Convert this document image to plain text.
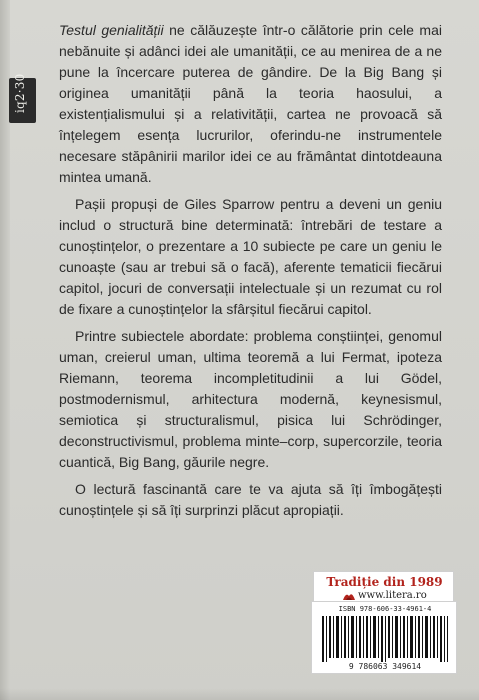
iq2·30

Testul genialității ne călăuzește într-o călătorie prin cele mai nebănuite și adânci idei ale umanității, ce au menirea de a ne pune la încercare puterea de gândire. De la Big Bang și originea umanității până la teoria haosului, a existențialismului și a relativității, cartea ne provoacă să înțelegem esența lucrurilor, oferindu-ne instrumentele necesare stăpânirii marilor idei ce au frământat dintotdeauna mintea umană.

Pașii propuși de Giles Sparrow pentru a deveni un geniu includ o structură bine determinată: întrebări de testare a cunoștințelor, o prezentare a 10 subiecte pe care un geniu le cunoaște (sau ar trebui să o facă), aferente tematicii fiecărui capitol, jocuri de conversații intelectuale și un rezumat cu rol de fixare a cunoștințelor la sfârșitul fiecărui capitol.

Printre subiectele abordate: problema conștiinței, genomul uman, creierul uman, ultima teoremă a lui Fermat, ipoteza Riemann, teorema incompletitudinii a lui Gödel, postmodernismul, arhitectura modernă, keynesismul, semiotica și structuralismul, pisica lui Schrödinger, deconstructivismul, problema minte–corp, supercorzile, teoria cuantică, Big Bang, găurile negre.

O lectură fascinantă care te va ajuta să îți îmbogățești cunoștințele și să îți surprinzi plăcut apropiații.

Tradiție din 1989
www.litera.ro
ISBN 978-606-33-4961-4
9 786063 349614
